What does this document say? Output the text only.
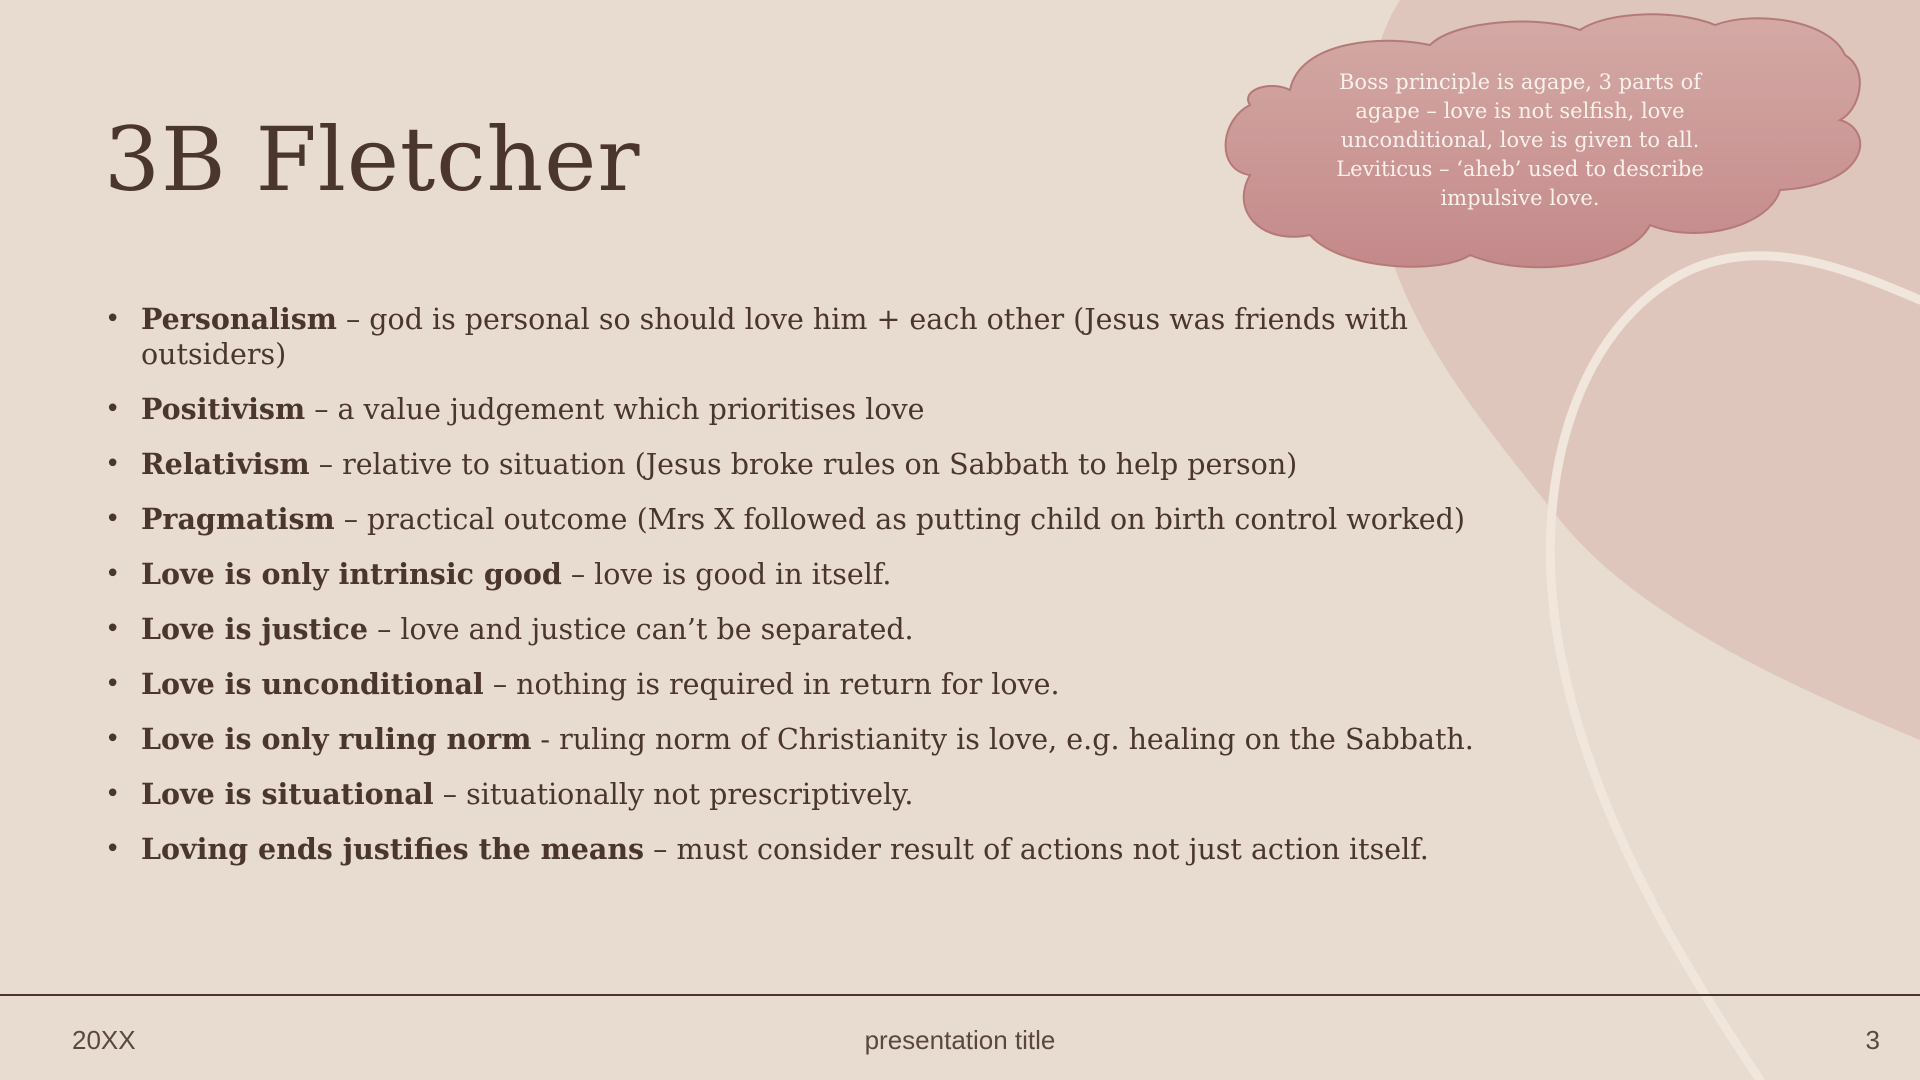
3B Fletcher
Boss principle is agape, 3 parts of agape – love is not selfish, love unconditional, love is given to all. Leviticus – ‘aheb’ used to describe impulsive love.
• Personalism – god is personal so should love him + each other (Jesus was friends with outsiders)
• Positivism – a value judgement which prioritises love
• Relativism – relative to situation (Jesus broke rules on Sabbath to help person)
• Pragmatism – practical outcome (Mrs X followed as putting child on birth control worked)
• Love is only intrinsic good – love is good in itself.
• Love is justice – love and justice can’t be separated.
• Love is unconditional – nothing is required in return for love.
• Love is only ruling norm - ruling norm of Christianity is love, e.g. healing on the Sabbath.
• Love is situational – situationally not prescriptively.
• Loving ends justifies the means – must consider result of actions not just action itself.
20XX	presentation title	3
